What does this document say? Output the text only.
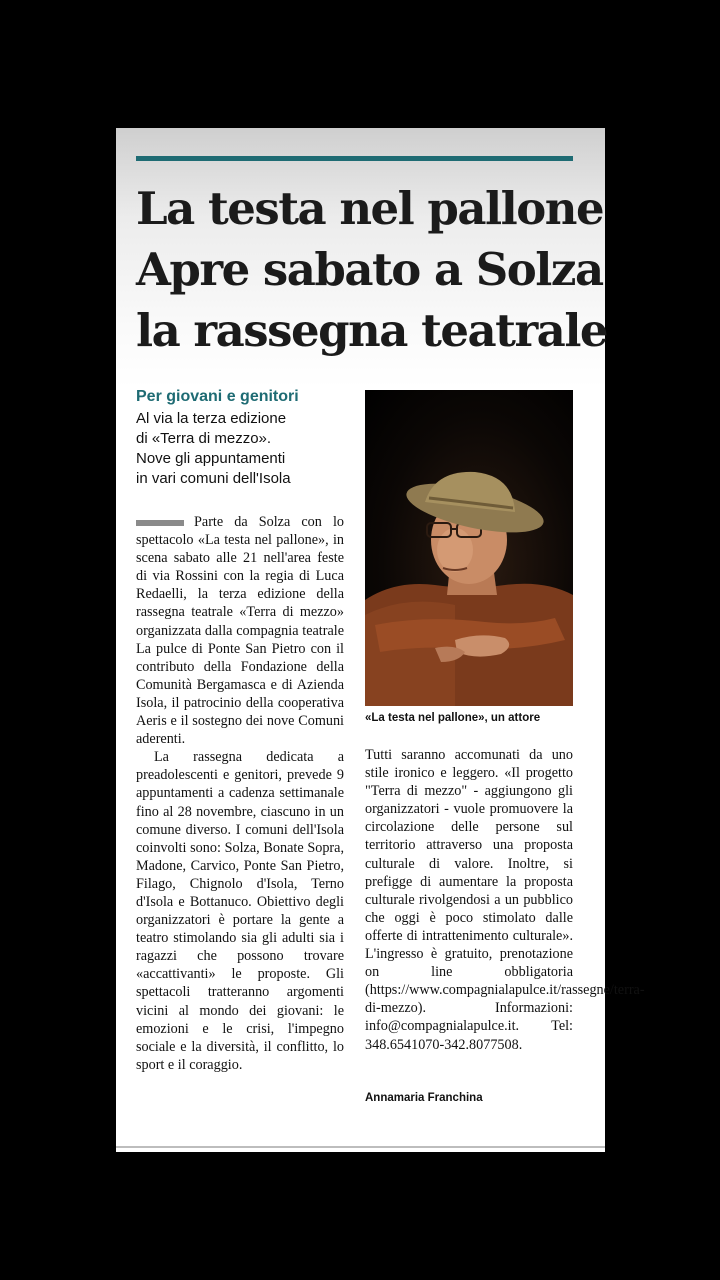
La testa nel pallone
Apre sabato a Solza
la rassegna teatrale
Per giovani e genitori
Al via la terza edizione
di «Terra di mezzo».
Nove gli appuntamenti
in vari comuni dell'Isola
«La testa nel pallone», un attore

Parte da Solza con lo spettacolo «La testa nel pallone», in scena sabato alle 21 nell'area feste di via Rossini con la regia di Luca Redaelli, la terza edizione della rassegna teatrale «Terra di mezzo» organizzata dalla compagnia teatrale La pulce di Ponte San Pietro con il contributo della Fondazione della Comunità Bergamasca e di Azienda Isola, il patrocinio della cooperativa Aeris e il sostegno dei nove Comuni aderenti.

La rassegna dedicata a preadolescenti e genitori, prevede 9 appuntamenti a cadenza settimanale fino al 28 novembre, ciascuno in un comune diverso. I comuni dell'Isola coinvolti sono: Solza, Bonate Sopra, Madone, Carvico, Ponte San Pietro, Filago, Chignolo d'Isola, Terno d'Isola e Bottanuco. Obiettivo degli organizzatori è portare la gente a teatro stimolando sia gli adulti sia i ragazzi che possono trovare «accattivanti» le proposte. Gli spettacoli tratteranno argomenti vicini al mondo dei giovani: le emozioni e le crisi, l'impegno sociale e la diversità, il conflitto, lo sport e il coraggio.

Tutti saranno accomunati da uno stile ironico e leggero. «Il progetto "Terra di mezzo" - aggiungono gli organizzatori - vuole promuovere la circolazione delle persone sul territorio attraverso una proposta culturale di valore. Inoltre, si prefigge di aumentare la proposta culturale rivolgendosi a un pubblico che oggi è poco stimolato dalle offerte di intrattenimento culturale». L'ingresso è gratuito, prenotazione on line obbligatoria (https://www.compagnialapulce.it/rassegne/terra-di-mezzo). Informazioni: info@compagnialapulce.it. Tel: 348.6541070-342.8077508.

Annamaria Franchina
